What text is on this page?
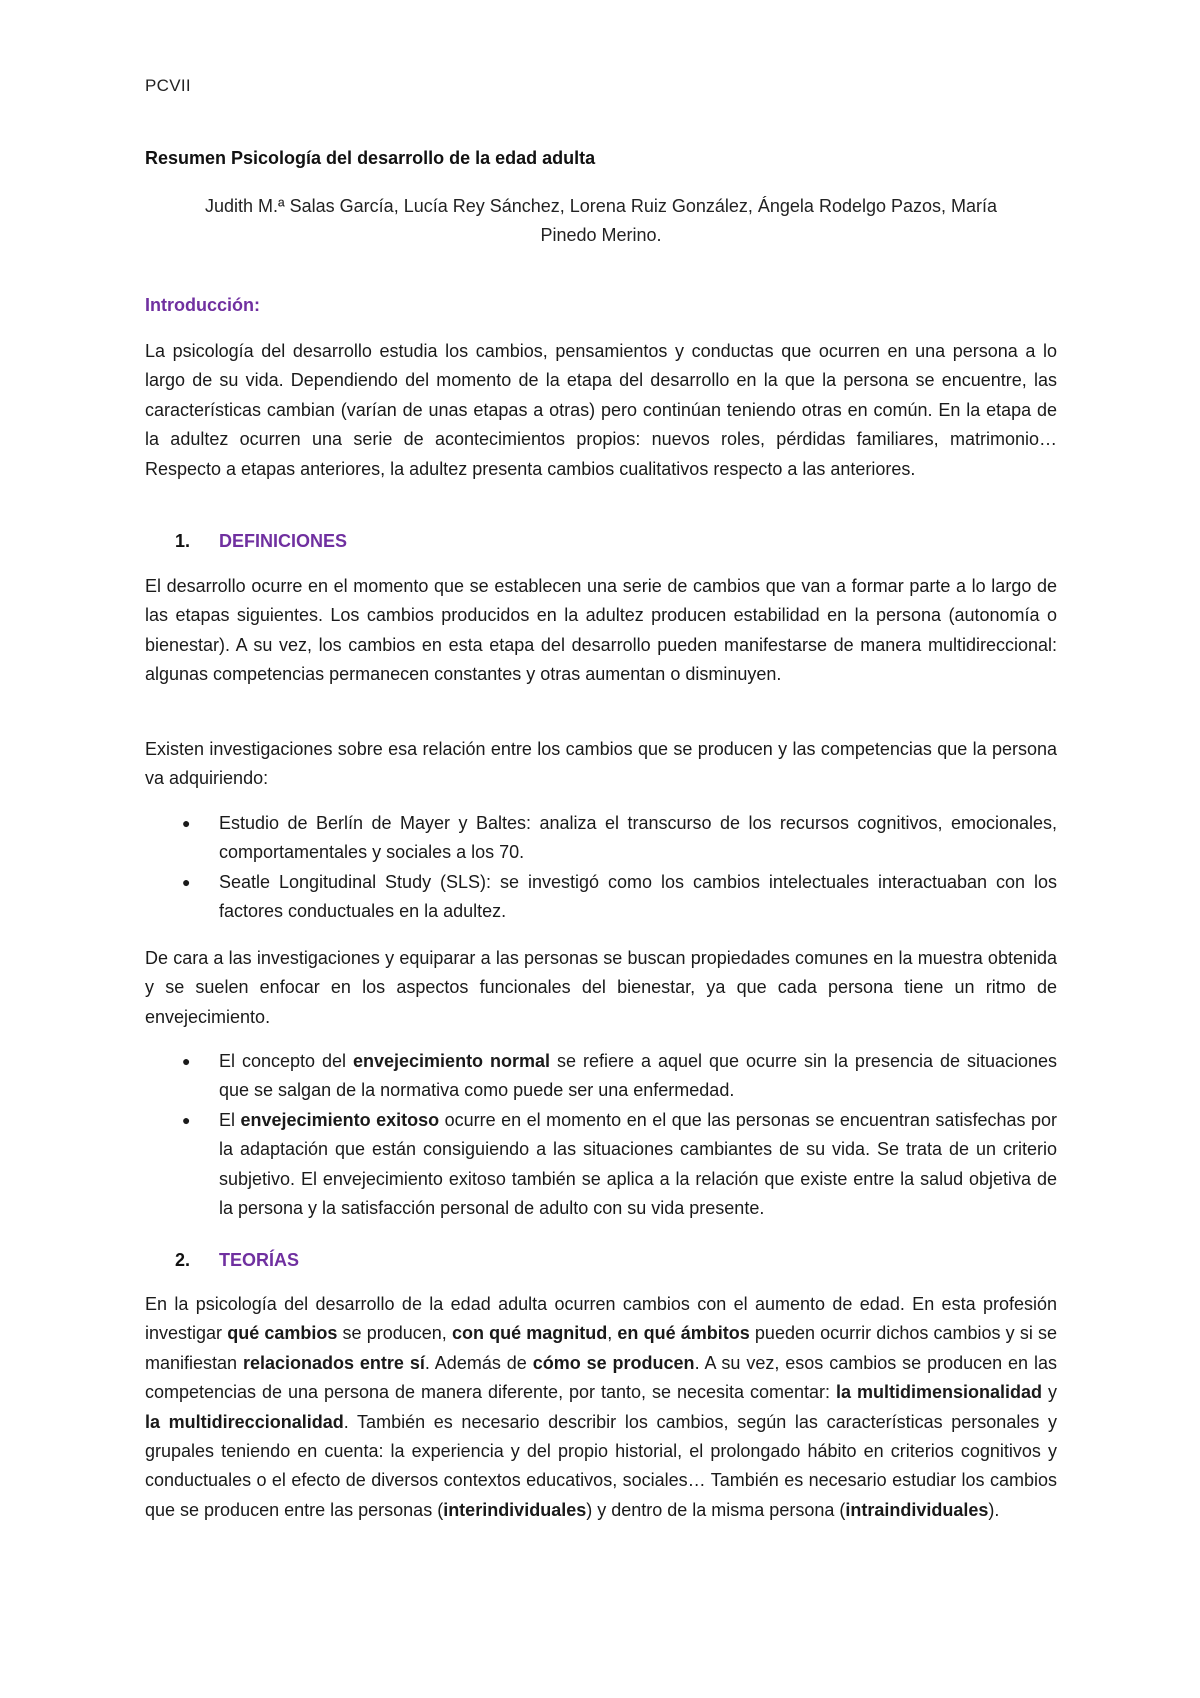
PCVII
Resumen Psicología del desarrollo de la edad adulta
Judith M.ª Salas García, Lucía Rey Sánchez, Lorena Ruiz González, Ángela Rodelgo Pazos, María
Pinedo Merino.
Introducción:
La psicología del desarrollo estudia los cambios, pensamientos y conductas que ocurren en una persona a lo largo de su vida. Dependiendo del momento de la etapa del desarrollo en la que la persona se encuentre, las características cambian (varían de unas etapas a otras) pero continúan teniendo otras en común. En la etapa de la adultez ocurren una serie de acontecimientos propios: nuevos roles, pérdidas familiares, matrimonio… Respecto a etapas anteriores, la adultez presenta cambios cualitativos respecto a las anteriores.
1.	DEFINICIONES
El desarrollo ocurre en el momento que se establecen una serie de cambios que van a formar parte a lo largo de las etapas siguientes. Los cambios producidos en la adultez producen estabilidad en la persona (autonomía o bienestar). A su vez, los cambios en esta etapa del desarrollo pueden manifestarse de manera multidireccional: algunas competencias permanecen constantes y otras aumentan o disminuyen.
Existen investigaciones sobre esa relación entre los cambios que se producen y las competencias que la persona va adquiriendo:
● Estudio de Berlín de Mayer y Baltes: analiza el transcurso de los recursos cognitivos, emocionales, comportamentales y sociales a los 70.
● Seatle Longitudinal Study (SLS): se investigó como los cambios intelectuales interactuaban con los factores conductuales en la adultez.
De cara a las investigaciones y equiparar a las personas se buscan propiedades comunes en la muestra obtenida y se suelen enfocar en los aspectos funcionales del bienestar, ya que cada persona tiene un ritmo de envejecimiento.
● El concepto del envejecimiento normal se refiere a aquel que ocurre sin la presencia de situaciones que se salgan de la normativa como puede ser una enfermedad.
● El envejecimiento exitoso ocurre en el momento en el que las personas se encuentran satisfechas por la adaptación que están consiguiendo a las situaciones cambiantes de su vida. Se trata de un criterio subjetivo. El envejecimiento exitoso también se aplica a la relación que existe entre la salud objetiva de la persona y la satisfacción personal de adulto con su vida presente.
2.	TEORÍAS
En la psicología del desarrollo de la edad adulta ocurren cambios con el aumento de edad. En esta profesión investigar qué cambios se producen, con qué magnitud, en qué ámbitos pueden ocurrir dichos cambios y si se manifiestan relacionados entre sí. Además de cómo se producen. A su vez, esos cambios se producen en las competencias de una persona de manera diferente, por tanto, se necesita comentar: la multidimensionalidad y la multidireccionalidad. También es necesario describir los cambios, según las características personales y grupales teniendo en cuenta: la experiencia y del propio historial, el prolongado hábito en criterios cognitivos y conductuales o el efecto de diversos contextos educativos, sociales… También es necesario estudiar los cambios que se producen entre las personas (interindividuales) y dentro de la misma persona (intraindividuales).
